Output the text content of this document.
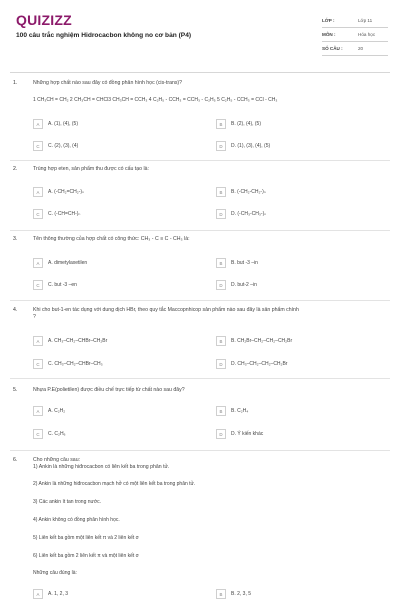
QUIZIZZ
100 câu trắc nghiệm Hidrocacbon không no cơ bản (P4)
LỚP :	Lớp 11
MÔN :	Hóa học
SỐ CÂU :	20
1.	Những hợp chất nào sau đây có đồng phân hình học (cis-trans)?
1 CH₃CH = CH₂ 2 CH₃CH = CHCl3 CH₃CH = CCH₃ 4 C₂H₅ - CCH₃ = CCH₃ - C₂H₅ 5 C₂H₅ - CCH₃ = CCl - CH₃
A	A. (1), (4), (5)	B	B. (2), (4), (5)
C	C. (2), (3), (4)	D	D. (1), (3), (4), (5)
2.	Trùng hợp eten, sản phẩm thu được có cấu tạo là:
A	A. (-CH₂=CH₂-)ₙ	B	B. (-CH₂-CH₂-)ₙ
C	C. (-CH=CH-)ₙ	D	D. (-CH₃-CH₃-)ₙ
3.	Tên thông thường của hợp chất có công thức: CH₃ - C ≡ C - CH₃ là:
A	A. dimetylaxetilen	B	B. but -3 –in
C	C. but -3 –en	D	D. but-2 –in
4.	Khi cho but-1-en tác dụng với dung dịch HBr, theo quy tắc Maccopnhicop sản phẩm nào sau đây là sản phẩm chính
?
A	A. CH₃–CH₂–CHBr–CH₂Br	B	B. CH₂Br–CH₂–CH₂–CH₂Br
C	C. CH₃–CH₂–CHBr–CH₃	D	D. CH₃–CH₂–CH₂–CH₂Br
5.	Nhựa P.E(polietilen) được điều chế trực tiếp từ chất nào sau đây?
A	A. C₂H₂	B	B. C₂H₄
C	C. C₂H₆	D	D. Ý kiến khác
6.	Cho những câu sau:
1) Ankin là những hiđrocacbon có liên kết ba trong phân tử.
2) Ankin là những hiđrocacbon mạch hở có một liên kết ba trong phân tử.
3) Các ankin ít tan trong nước.
4) Ankin không có đồng phân hình học.
5) Liên kết ba gồm một liên kết π và 2 liên kết σ
6) Liên kết ba gồm 2 liên kết π và một liên kết σ
Những câu đúng là:
A	A. 1, 2, 3	B	B. 2, 3, 5
